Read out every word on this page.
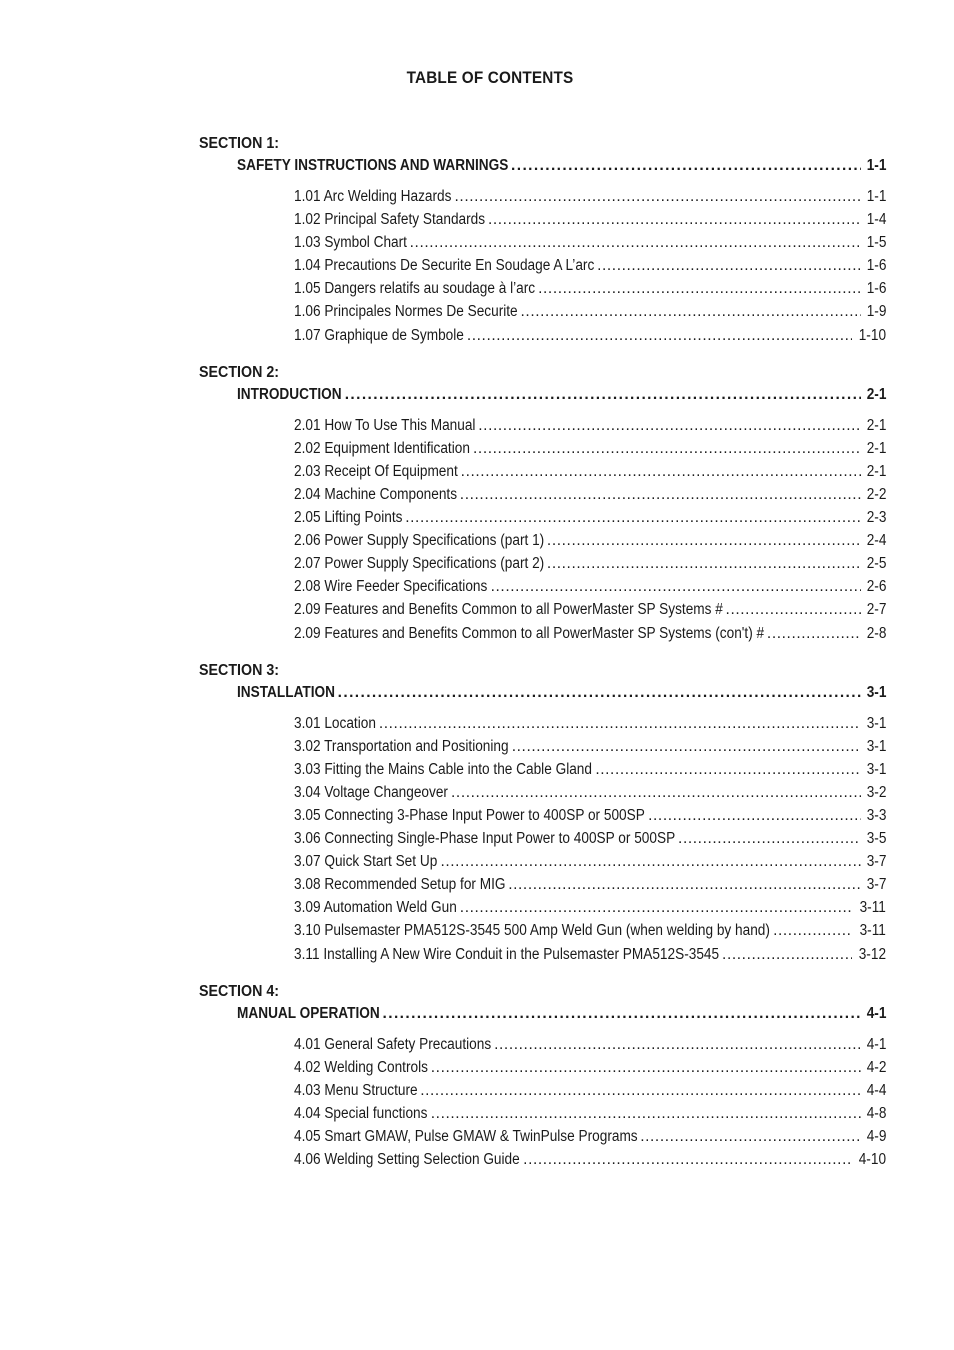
TABLE OF CONTENTS
SECTION 1:
SAFETY INSTRUCTIONS AND WARNINGS .....	1-1
1.01 Arc Welding Hazards .....	1-1
1.02 Principal Safety Standards .....	1-4
1.03 Symbol Chart .....	1-5
1.04 Precautions De Securite En Soudage A L’arc .....	1-6
1.05 Dangers relatifs au soudage à l’arc .....	1-6
1.06 Principales Normes De Securite .....	1-9
1.07 Graphique de Symbole .....	1-10
SECTION 2:
INTRODUCTION .....	2-1
2.01 How To Use This Manual .....	2-1
2.02 Equipment Identification .....	2-1
2.03 Receipt Of Equipment .....	2-1
2.04 Machine Components .....	2-2
2.05 Lifting Points .....	2-3
2.06 Power Supply Specifications (part 1) .....	2-4
2.07 Power Supply Specifications (part 2) .....	2-5
2.08 Wire Feeder Specifications .....	2-6
2.09 Features and Benefits Common to all PowerMaster SP Systems # .....	2-7
2.09 Features and Benefits Common to all PowerMaster SP Systems (con't) # .....	2-8
SECTION 3:
INSTALLATION .....	3-1
3.01 Location .....	3-1
3.02 Transportation and Positioning .....	3-1
3.03 Fitting the Mains Cable into the Cable Gland .....	3-1
3.04 Voltage Changeover .....	3-2
3.05 Connecting 3-Phase Input Power to 400SP or 500SP .....	3-3
3.06 Connecting Single-Phase Input Power to 400SP or 500SP .....	3-5
3.07 Quick Start Set Up .....	3-7
3.08 Recommended Setup for MIG .....	3-7
3.09 Automation Weld Gun .....	3-11
3.10 Pulsemaster PMA512S-3545 500 Amp Weld Gun (when welding by hand) .....	3-11
3.11 Installing A New Wire Conduit in the Pulsemaster PMA512S-3545 .....	3-12
SECTION 4:
MANUAL OPERATION .....	4-1
4.01 General Safety Precautions .....	4-1
4.02 Welding Controls .....	4-2
4.03 Menu Structure .....	4-4
4.04 Special functions .....	4-8
4.05 Smart GMAW, Pulse GMAW & TwinPulse Programs .....	4-9
4.06 Welding Setting Selection Guide .....	4-10
